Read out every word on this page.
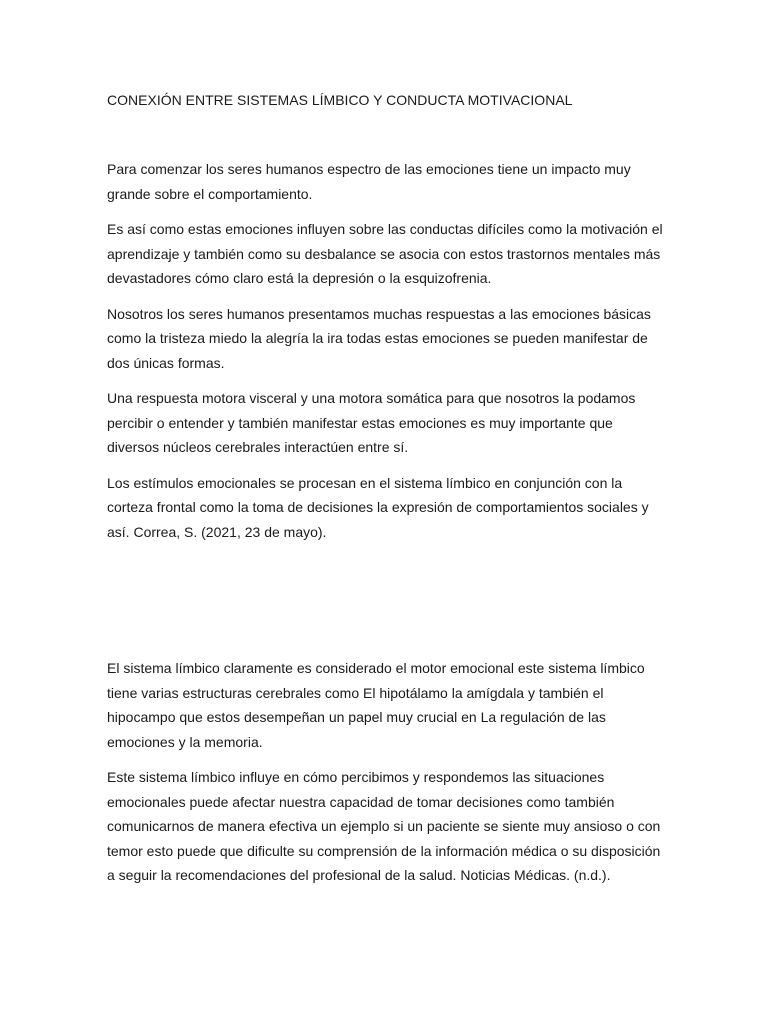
CONEXIÓN ENTRE SISTEMAS LÍMBICO Y CONDUCTA MOTIVACIONAL

Para comenzar los seres humanos espectro de las emociones tiene un impacto muy grande sobre el comportamiento.

Es así como estas emociones influyen sobre las conductas difíciles como la motivación el aprendizaje y también como su desbalance se asocia con estos trastornos mentales más devastadores cómo claro está la depresión o la esquizofrenia.

Nosotros los seres humanos presentamos muchas respuestas a las emociones básicas como la tristeza miedo la alegría la ira todas estas emociones se pueden manifestar de dos únicas formas.

Una respuesta motora visceral y una motora somática para que nosotros la podamos percibir o entender y también manifestar estas emociones es muy importante que diversos núcleos cerebrales interactúen entre sí.

Los estímulos emocionales se procesan en el sistema límbico en conjunción con la corteza frontal como la toma de decisiones la expresión de comportamientos sociales y así. Correa, S. (2021, 23 de mayo).

El sistema límbico claramente es considerado el motor emocional este sistema límbico tiene varias estructuras cerebrales como El hipotálamo la amígdala y también el hipocampo que estos desempeñan un papel muy crucial en La regulación de las emociones y la memoria.

Este sistema límbico influye en cómo percibimos y respondemos las situaciones emocionales puede afectar nuestra capacidad de tomar decisiones como también comunicarnos de manera efectiva un ejemplo si un paciente se siente muy ansioso o con temor esto puede que dificulte su comprensión de la información médica o su disposición a seguir la recomendaciones del profesional de la salud. Noticias Médicas. (n.d.).
